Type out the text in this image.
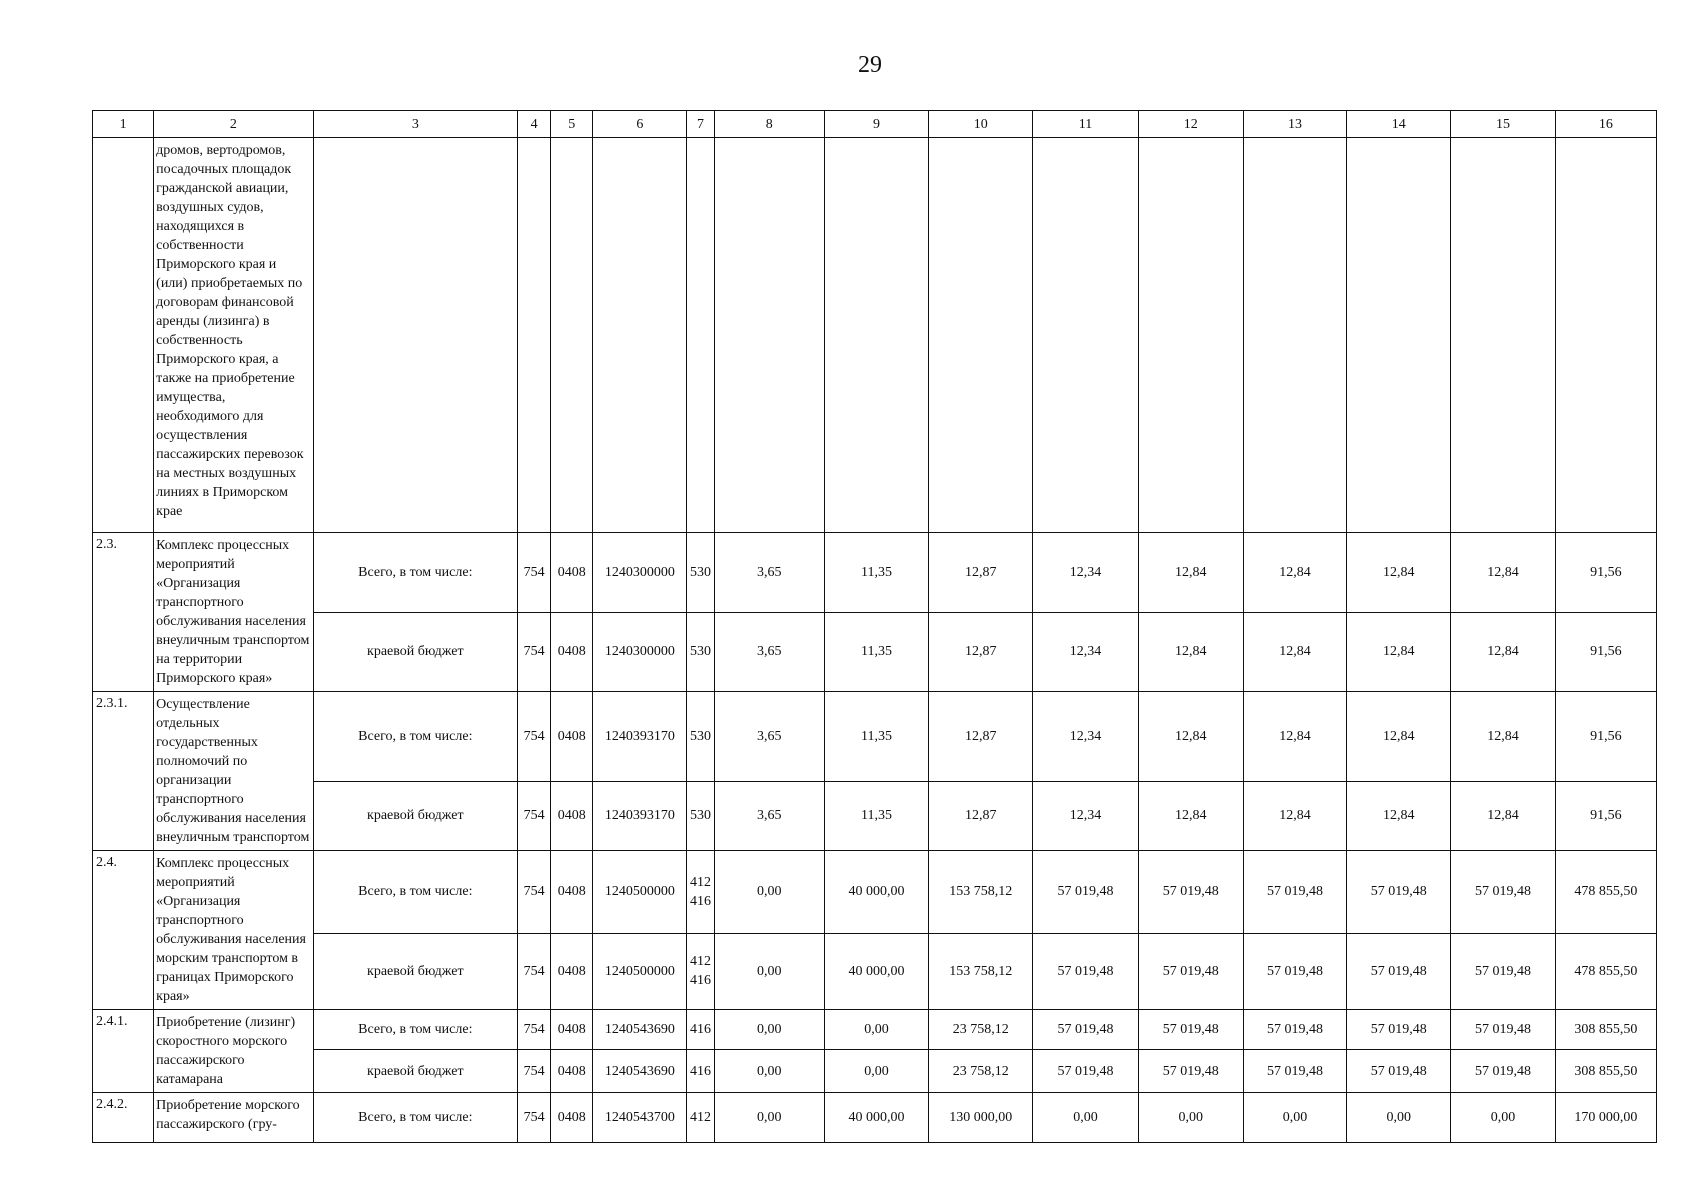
29
1	2	3	4	5	6	7	8	9	10	11	12	13	14	15	16
	дромов, вертодромов, посадочных площадок гражданской авиации, воздушных судов, находящихся в собственности Приморского края и (или) приобретаемых по договорам финансовой аренды (лизинга) в собственность Приморского края, а также на приобретение имущества, необходимого для осуществления пассажирских перевозок на местных воздушных линиях в Приморском крае														
2.3.	Комплекс процессных мероприятий «Организация транспортного обслуживания населения внеуличным транспортом на территории Приморского края»	Всего, в том числе:	754	0408	1240300000	530	3,65	11,35	12,87	12,34	12,84	12,84	12,84	12,84	91,56
		краевой бюджет	754	0408	1240300000	530	3,65	11,35	12,87	12,34	12,84	12,84	12,84	12,84	91,56
2.3.1.	Осуществление отдельных государственных полномочий по организации транспортного обслуживания населения внеуличным транспортом	Всего, в том числе:	754	0408	1240393170	530	3,65	11,35	12,87	12,34	12,84	12,84	12,84	12,84	91,56
		краевой бюджет	754	0408	1240393170	530	3,65	11,35	12,87	12,34	12,84	12,84	12,84	12,84	91,56
2.4.	Комплекс процессных мероприятий «Организация транспортного обслуживания населения морским транспортом в границах Приморского края»	Всего, в том числе:	754	0408	1240500000	412 416	0,00	40 000,00	153 758,12	57 019,48	57 019,48	57 019,48	57 019,48	57 019,48	478 855,50
		краевой бюджет	754	0408	1240500000	412 416	0,00	40 000,00	153 758,12	57 019,48	57 019,48	57 019,48	57 019,48	57 019,48	478 855,50
2.4.1.	Приобретение (лизинг) скоростного морского пассажирского катамарана	Всего, в том числе:	754	0408	1240543690	416	0,00	0,00	23 758,12	57 019,48	57 019,48	57 019,48	57 019,48	57 019,48	308 855,50
		краевой бюджет	754	0408	1240543690	416	0,00	0,00	23 758,12	57 019,48	57 019,48	57 019,48	57 019,48	57 019,48	308 855,50
2.4.2.	Приобретение морского пассажирского (гру-	Всего, в том числе:	754	0408	1240543700	412	0,00	40 000,00	130 000,00	0,00	0,00	0,00	0,00	0,00	170 000,00
